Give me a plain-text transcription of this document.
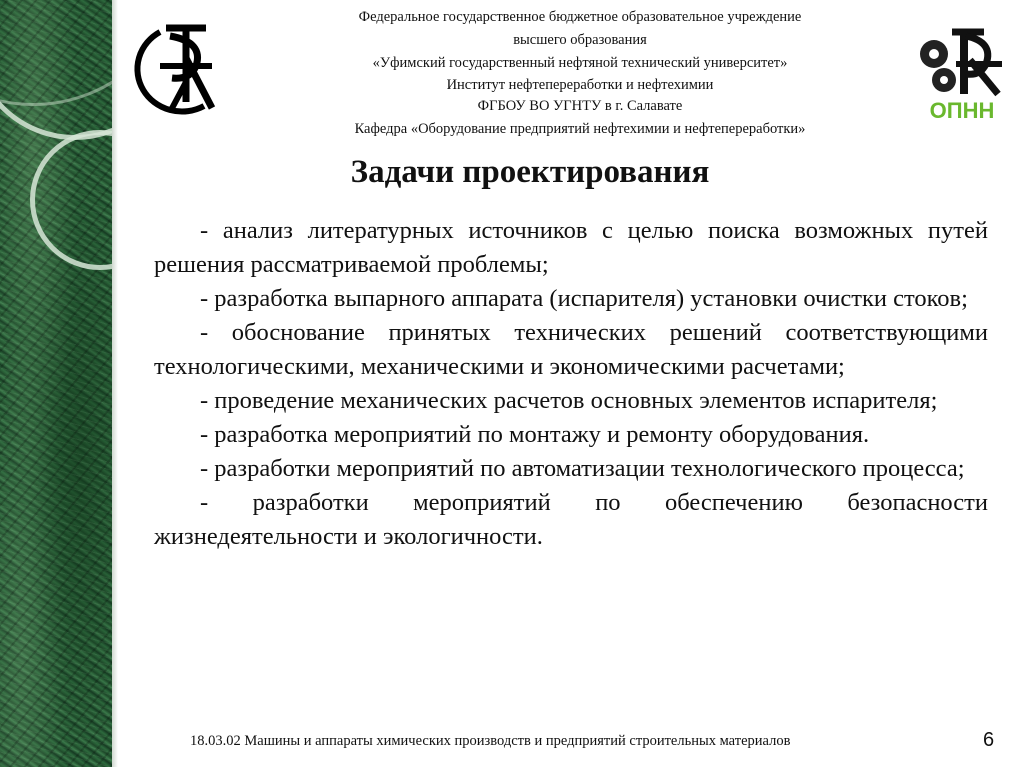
ОПНН
Федеральное государственное бюджетное образовательное учреждение
высшего образования
«Уфимский государственный нефтяной технический университет»
Институт нефтепереработки и нефтехимии
ФГБОУ ВО УГНТУ в г. Салавате
Кафедра «Оборудование предприятий нефтехимии и нефтепереработки»
Задачи проектирования
- анализ литературных источников с целью поиска возможных путей решения рассматриваемой проблемы;
- разработка выпарного аппарата (испарителя) установки очистки стоков;
- обоснование принятых технических решений соответствующими технологическими, механическими и экономическими расчетами;
- проведение механических расчетов основных элементов испарителя;
- разработка мероприятий по монтажу и ремонту оборудования.
- разработки мероприятий по автоматизации технологического процесса;
- разработки мероприятий по обеспечению безопасности жизнедеятельности и экологичности.
18.03.02 Машины и аппараты химических производств и предприятий строительных материалов	6
